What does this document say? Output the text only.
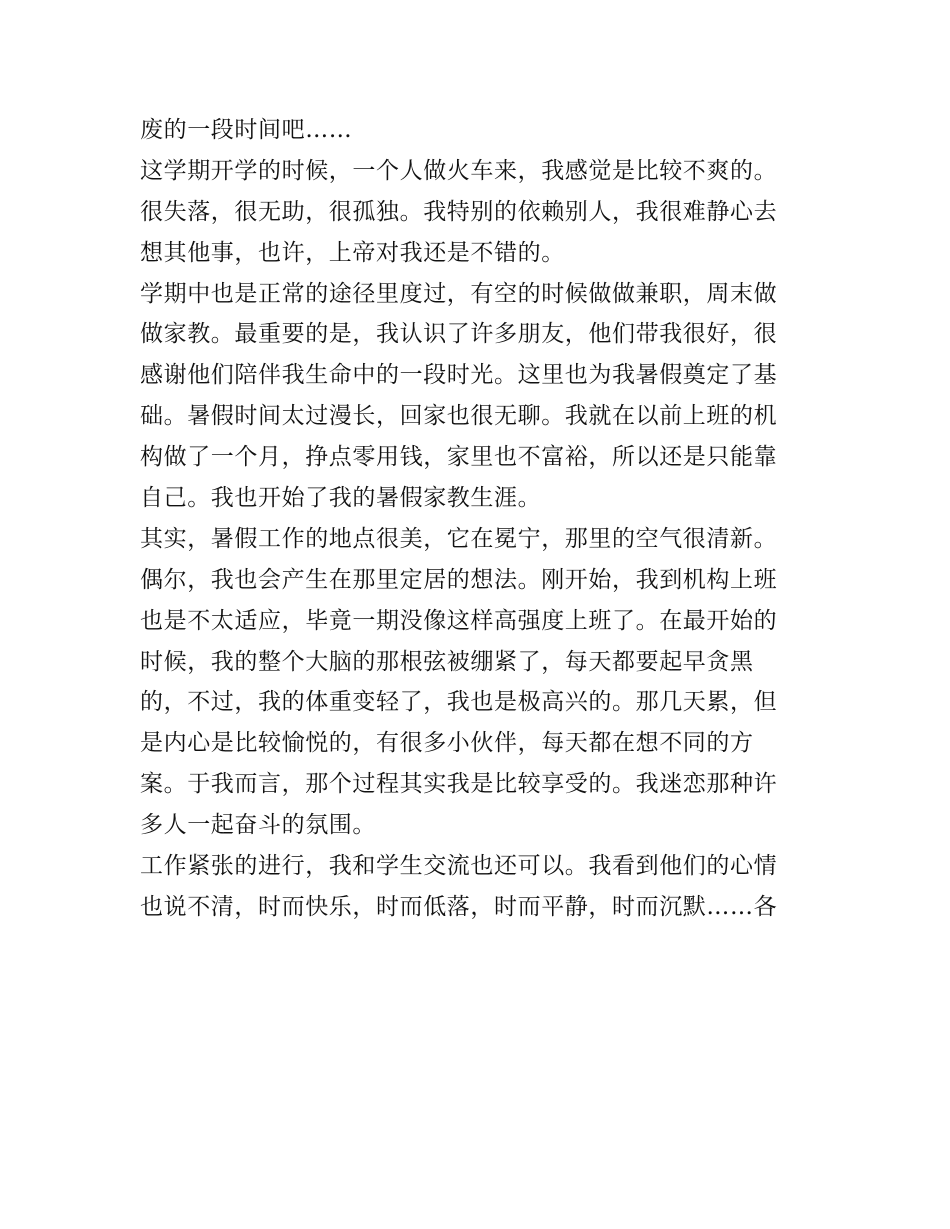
废的一段时间吧……
这学期开学的时候，一个人做火车来，我感觉是比较不爽的。
很失落，很无助，很孤独。我特别的依赖别人，我很难静心去
想其他事，也许，上帝对我还是不错的。
学期中也是正常的途径里度过，有空的时候做做兼职，周末做
做家教。最重要的是，我认识了许多朋友，他们带我很好，很
感谢他们陪伴我生命中的一段时光。这里也为我暑假奠定了基
础。暑假时间太过漫长，回家也很无聊。我就在以前上班的机
构做了一个月，挣点零用钱，家里也不富裕，所以还是只能靠
自己。我也开始了我的暑假家教生涯。
其实，暑假工作的地点很美，它在冕宁，那里的空气很清新。
偶尔，我也会产生在那里定居的想法。刚开始，我到机构上班
也是不太适应，毕竟一期没像这样高强度上班了。在最开始的
时候，我的整个大脑的那根弦被绷紧了，每天都要起早贪黑
的，不过，我的体重变轻了，我也是极高兴的。那几天累，但
是内心是比较愉悦的，有很多小伙伴，每天都在想不同的方
案。于我而言，那个过程其实我是比较享受的。我迷恋那种许
多人一起奋斗的氛围。
工作紧张的进行，我和学生交流也还可以。我看到他们的心情
也说不清，时而快乐，时而低落，时而平静，时而沉默……各
